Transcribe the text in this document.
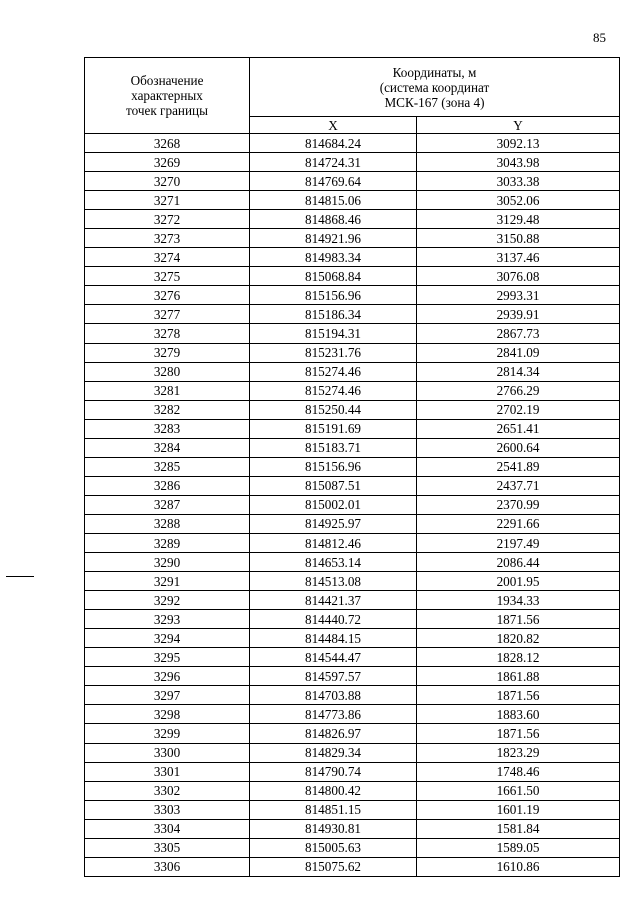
85
Обозначение
характерных
точек границы	Координаты, м
(система координат
МСК-167 (зона 4)	
	X	Y
3268	814684.24	3092.13
3269	814724.31	3043.98
3270	814769.64	3033.38
3271	814815.06	3052.06
3272	814868.46	3129.48
3273	814921.96	3150.88
3274	814983.34	3137.46
3275	815068.84	3076.08
3276	815156.96	2993.31
3277	815186.34	2939.91
3278	815194.31	2867.73
3279	815231.76	2841.09
3280	815274.46	2814.34
3281	815274.46	2766.29
3282	815250.44	2702.19
3283	815191.69	2651.41
3284	815183.71	2600.64
3285	815156.96	2541.89
3286	815087.51	2437.71
3287	815002.01	2370.99
3288	814925.97	2291.66
3289	814812.46	2197.49
3290	814653.14	2086.44
3291	814513.08	2001.95
3292	814421.37	1934.33
3293	814440.72	1871.56
3294	814484.15	1820.82
3295	814544.47	1828.12
3296	814597.57	1861.88
3297	814703.88	1871.56
3298	814773.86	1883.60
3299	814826.97	1871.56
3300	814829.34	1823.29
3301	814790.74	1748.46
3302	814800.42	1661.50
3303	814851.15	1601.19
3304	814930.81	1581.84
3305	815005.63	1589.05
3306	815075.62	1610.86
